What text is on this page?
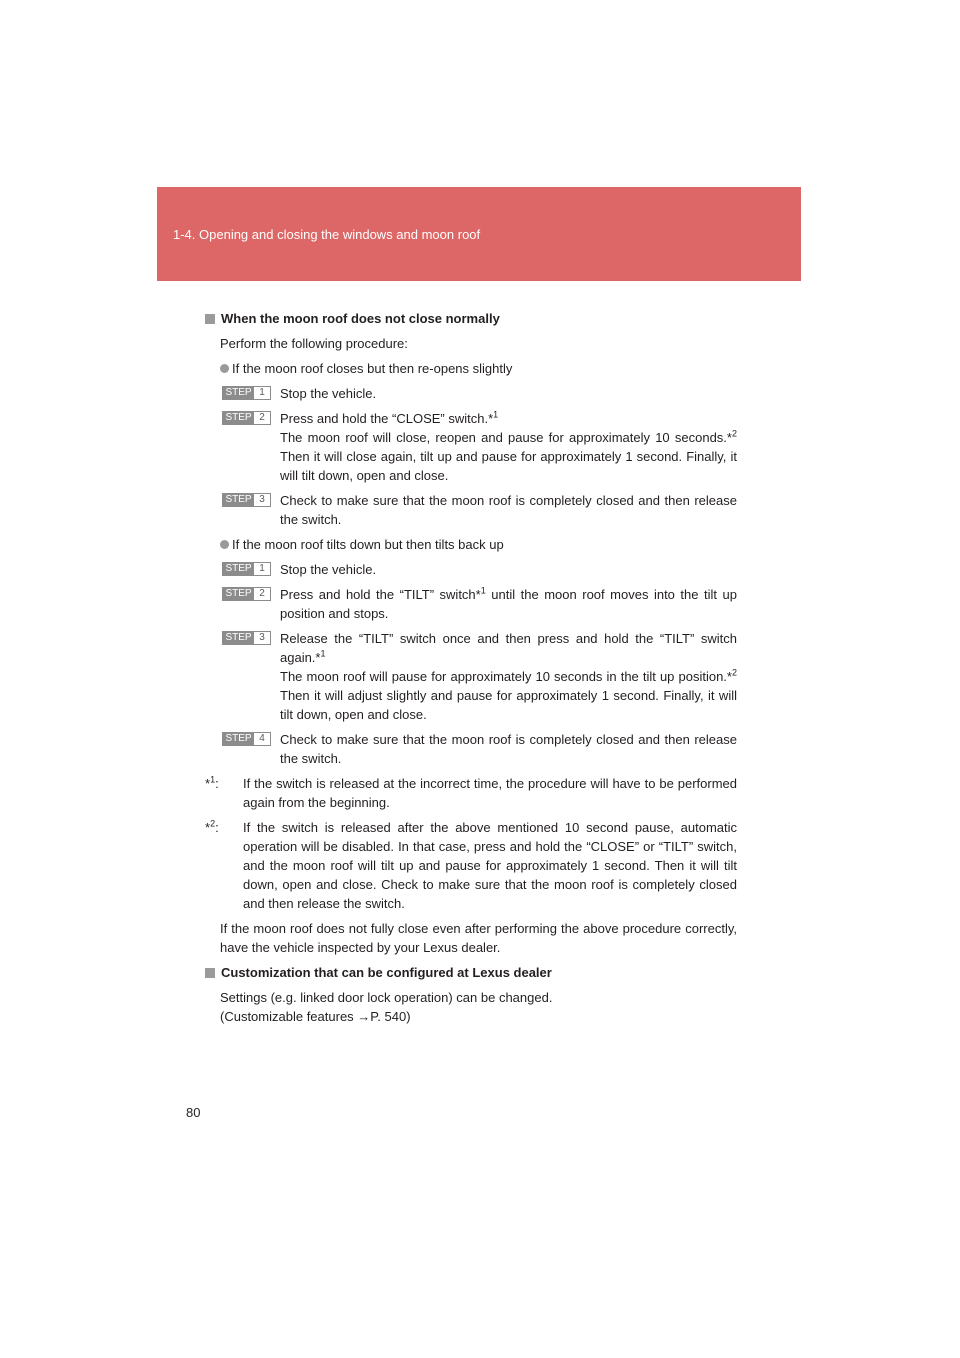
1-4. Opening and closing the windows and moon roof
When the moon roof does not close normally
Perform the following procedure:
If the moon roof closes but then re-opens slightly
STEP 1	Stop the vehicle.

STEP 2	Press and hold the “CLOSE” switch.*$^1$

The moon roof will close, reopen and pause for approximately 10 seconds.*$^2$ Then it will close again, tilt up and pause for approximately 1 second. Finally, it will tilt down, open and close.

STEP 3	Check to make sure that the moon roof is completely closed and then release the switch.

If the moon roof tilts down but then tilts back up
STEP 1	Stop the vehicle.

STEP 2	Press and hold the “TILT” switch*$^1$ until the moon roof moves into the tilt up position and stops.

STEP 3	Release the “TILT” switch once and then press and hold the “TILT” switch again.*$^1$

The moon roof will pause for approximately 10 seconds in the tilt up position.*$^2$ Then it will adjust slightly and pause for approximately 1 second. Finally, it will tilt down, open and close.

STEP 4	Check to make sure that the moon roof is completely closed and then release the switch.

*$^1$: If the switch is released at the incorrect time, the procedure will have to be performed again from the beginning.
*$^2$: If the switch is released after the above mentioned 10 second pause, automatic operation will be disabled. In that case, press and hold the “CLOSE” or “TILT” switch, and the moon roof will tilt up and pause for approximately 1 second. Then it will tilt down, open and close. Check to make sure that the moon roof is completely closed and then release the switch.
If the moon roof does not fully close even after performing the above procedure correctly, have the vehicle inspected by your Lexus dealer.
Customization that can be configured at Lexus dealer
Settings (e.g. linked door lock operation) can be changed.
(Customizable features →P. 540)
80
